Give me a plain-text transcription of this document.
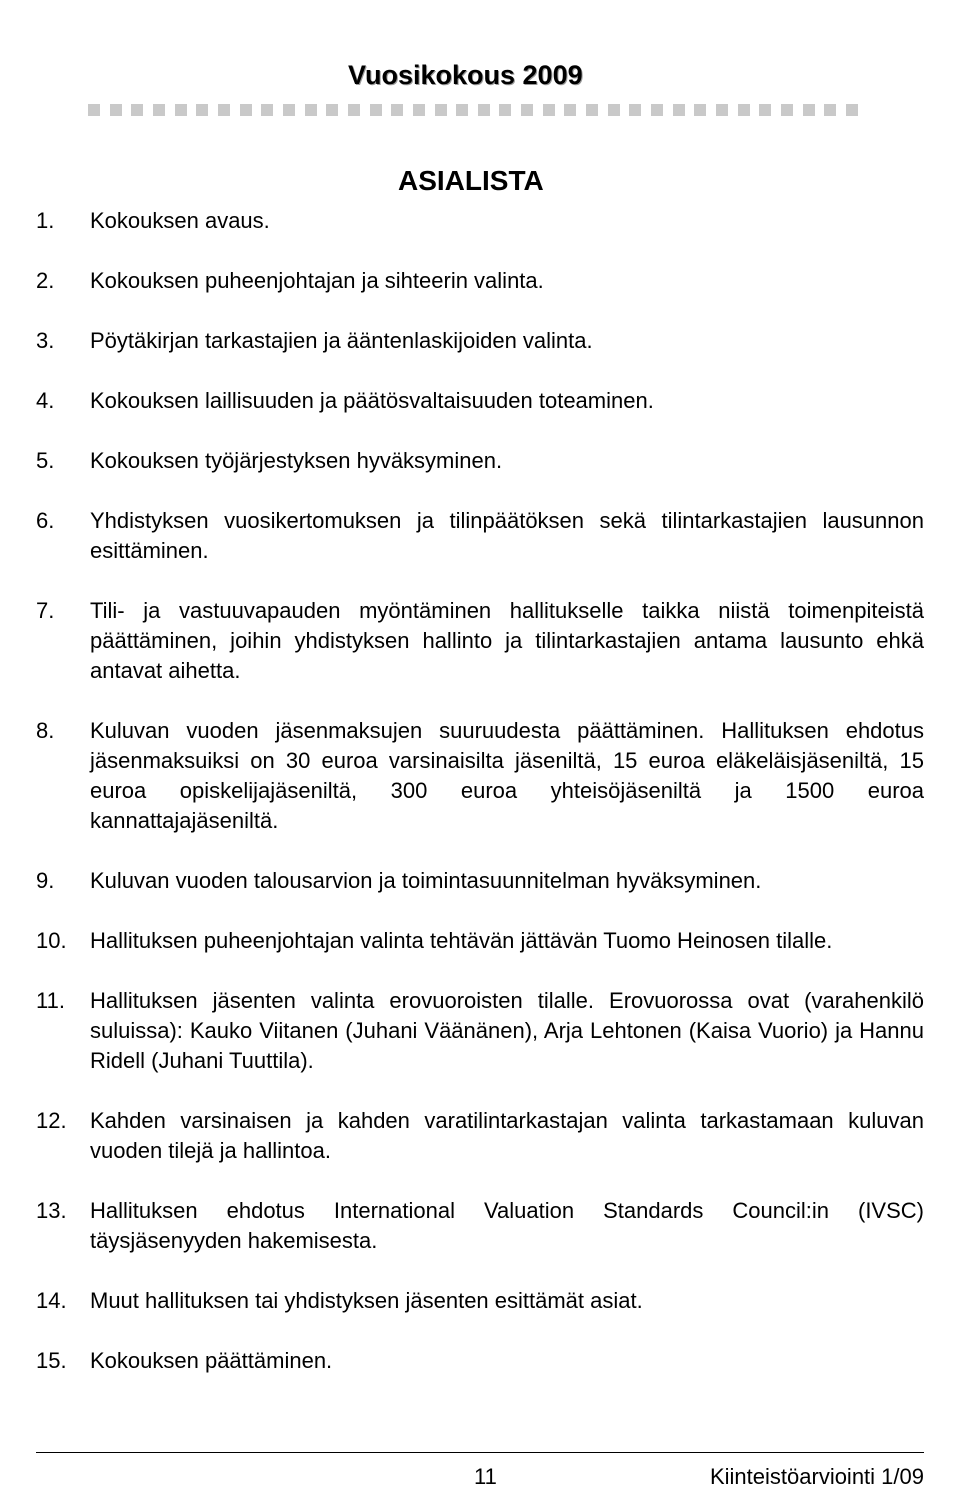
Vuosikokous 2009
ASIALISTA
1.	Kokouksen avaus.
2.	Kokouksen puheenjohtajan ja sihteerin valinta.
3.	Pöytäkirjan tarkastajien ja ääntenlaskijoiden valinta.
4.	Kokouksen laillisuuden ja päätösvaltaisuuden toteaminen.
5.	Kokouksen työjärjestyksen hyväksyminen.
6.	Yhdistyksen vuosikertomuksen ja tilinpäätöksen sekä tilintarkastajien lausunnon esittäminen.
7.	Tili- ja vastuuvapauden myöntäminen hallitukselle taikka niistä toimenpiteistä päättäminen, joihin yhdistyksen hallinto ja tilintarkastajien antama lausunto ehkä antavat aihetta.
8.	Kuluvan vuoden jäsenmaksujen suuruudesta päättäminen. Hallituksen ehdotus jäsenmaksuiksi on 30 euroa varsinaisilta jäseniltä, 15 euroa eläkeläisjäseniltä, 15 euroa opiskelijajäseniltä, 300 euroa yhteisöjäseniltä ja 1500 euroa kannattajajäseniltä.
9.	Kuluvan vuoden talousarvion ja toimintasuunnitelman hyväksyminen.
10.	Hallituksen puheenjohtajan valinta tehtävän jättävän Tuomo Heinosen tilalle.
11.	Hallituksen jäsenten valinta erovuoroisten tilalle. Erovuorossa ovat (varahenkilö suluissa): Kauko Viitanen (Juhani Väänänen), Arja Lehtonen (Kaisa Vuorio) ja Hannu Ridell (Juhani Tuuttila).
12.	Kahden varsinaisen ja kahden varatilintarkastajan valinta tarkastamaan kuluvan vuoden tilejä ja hallintoa.
13.	Hallituksen ehdotus International Valuation Standards Council:in (IVSC) täysjäsenyyden hakemisesta.
14.	Muut hallituksen tai yhdistyksen jäsenten esittämät asiat.
15.	Kokouksen päättäminen.
11	Kiinteistöarviointi 1/09
